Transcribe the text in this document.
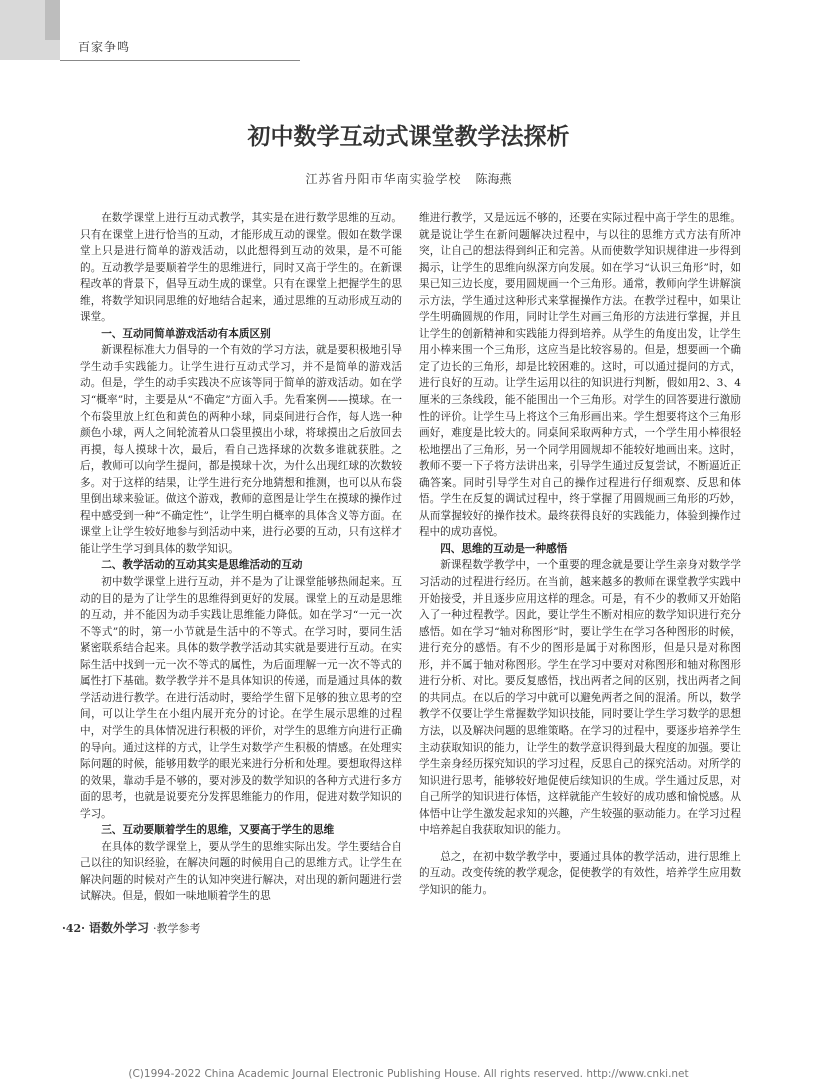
百家争鸣
初中数学互动式课堂教学法探析
江苏省丹阳市华南实验学校 陈海燕

在数学课堂上进行互动式教学，其实是在进行数学思维的互动。只有在课堂上进行恰当的互动，才能形成互动的课堂。假如在数学课堂上只是进行简单的游戏活动，以此想得到互动的效果，是不可能的。互动教学是要顺着学生的思维进行，同时又高于学生的。在新课程改革的背景下，倡导互动生成的课堂。只有在课堂上把握学生的思维，将数学知识同思维的好地结合起来，通过思维的互动形成互动的课堂。

一、互动同简单游戏活动有本质区别

新课程标准大力倡导的一个有效的学习方法，就是要积极地引导学生动手实践能力。让学生进行互动式学习，并不是简单的游戏活动。但是，学生的动手实践决不应该等同于简单的游戏活动。如在学习“概率”时，主要是从“不确定”方面入手。先看案例——摸球。在一个布袋里放上红色和黄色的两种小球，同桌间进行合作，每人选一种颜色小球，两人之间轮流着从口袋里摸出小球，将球摸出之后放回去再摸，每人摸球十次，最后，看自己选择球的次数多谁就获胜。之后，教师可以向学生提问，都是摸球十次，为什么出现红球的次数较多。对于这样的结果，让学生进行充分地猜想和推测，也可以从布袋里倒出球来验证。做这个游戏，教师的意图是让学生在摸球的操作过程中感受到一种“不确定性”，让学生明白概率的具体含义等方面。在课堂上让学生较好地参与到活动中来，进行必要的互动，只有这样才能让学生学习到具体的数学知识。

二、教学活动的互动其实是思维活动的互动

初中数学课堂上进行互动，并不是为了让课堂能够热闹起来。互动的目的是为了让学生的思维得到更好的发展。课堂上的互动是思维的互动，并不能因为动手实践让思维能力降低。如在学习“一元一次不等式”的时，第一小节就是生活中的不等式。在学习时，要同生活紧密联系结合起来。具体的数学教学活动其实就是要进行互动。在实际生活中找到一元一次不等式的属性，为后面理解一元一次不等式的属性打下基础。数学教学并不是具体知识的传递，而是通过具体的数学活动进行教学。在进行活动时，要给学生留下足够的独立思考的空间，可以让学生在小组内展开充分的讨论。在学生展示思维的过程中，对学生的具体情况进行积极的评价，对学生的思维方向进行正确的导向。通过这样的方式，让学生对数学产生积极的情感。在处理实际问题的时候，能够用数学的眼光来进行分析和处理。要想取得这样的效果，靠动手是不够的，要对涉及的数学知识的各种方式进行多方面的思考，也就是说要充分发挥思维能力的作用，促进对数学知识的学习。

三、互动要顺着学生的思维，又要高于学生的思维

在具体的数学课堂上，要从学生的思维实际出发。学生要结合自己以往的知识经验，在解决问题的时候用自己的思维方式。让学生在解决问题的时候对产生的认知冲突进行解决，对出现的新问题进行尝试解决。但是，假如一味地顺着学生的思

维进行教学，又是远远不够的，还要在实际过程中高于学生的思维。就是说让学生在新问题解决过程中，与以往的思维方式方法有所冲突，让自己的想法得到纠正和完善。从而使数学知识规律进一步得到揭示，让学生的思维向纵深方向发展。如在学习“认识三角形”时，如果已知三边长度，要用圆规画一个三角形。通常，教师向学生讲解演示方法，学生通过这种形式来掌握操作方法。在教学过程中，如果让学生明确圆规的作用，同时让学生对画三角形的方法进行掌握，并且让学生的创新精神和实践能力得到培养。从学生的角度出发，让学生用小棒来围一个三角形，这应当是比较容易的。但是，想要画一个确定了边长的三角形，却是比较困难的。这时，可以通过提问的方式，进行良好的互动。让学生运用以往的知识进行判断，假如用2、3、4厘米的三条线段，能不能围出一个三角形。对学生的回答要进行激励性的评价。让学生马上将这个三角形画出来。学生想要将这个三角形画好，难度是比较大的。同桌间采取两种方式，一个学生用小棒很轻松地摆出了三角形，另一个同学用圆规却不能较好地画出来。这时，教师不要一下子将方法讲出来，引导学生通过反复尝试，不断逼近正确答案。同时引导学生对自己的操作过程进行仔细观察、反思和体悟。学生在反复的调试过程中，终于掌握了用圆规画三角形的巧妙，从而掌握较好的操作技术。最终获得良好的实践能力，体验到操作过程中的成功喜悦。

四、思维的互动是一种感悟

新课程数学教学中，一个重要的理念就是要让学生亲身对数学学习活动的过程进行经历。在当前，越来越多的教师在课堂教学实践中开始接受，并且逐步应用这样的理念。可是，有不少的教师又开始陷入了一种过程教学。因此，要让学生不断对相应的数学知识进行充分感悟。如在学习“轴对称图形”时，要让学生在学习各种图形的时候，进行充分的感悟。有不少的图形是属于对称图形，但是只是对称图形，并不属于轴对称图形。学生在学习中要对对称图形和轴对称图形进行分析、对比。要反复感悟，找出两者之间的区别，找出两者之间的共同点。在以后的学习中就可以避免两者之间的混淆。所以，数学教学不仅要让学生常握数学知识技能，同时要让学生学习数学的思想方法，以及解决问题的思维策略。在学习的过程中，要逐步培养学生主动获取知识的能力，让学生的数学意识得到最大程度的加强。要让学生亲身经历探究知识的学习过程，反思自己的探究活动。对所学的知识进行思考，能够较好地促使后续知识的生成。学生通过反思，对自己所学的知识进行体悟，这样就能产生较好的成功感和愉悦感。从体悟中让学生激发起求知的兴趣，产生较强的驱动能力。在学习过程中培养起自我获取知识的能力。

总之，在初中数学教学中，要通过具体的教学活动，进行思维上的互动。改变传统的教学观念，促使教学的有效性，培养学生应用数学知识的能力。

·42· 语数外学习 ·教学参考
(C)1994-2022 China Academic Journal Electronic Publishing House. All rights reserved. http://www.cnki.net
